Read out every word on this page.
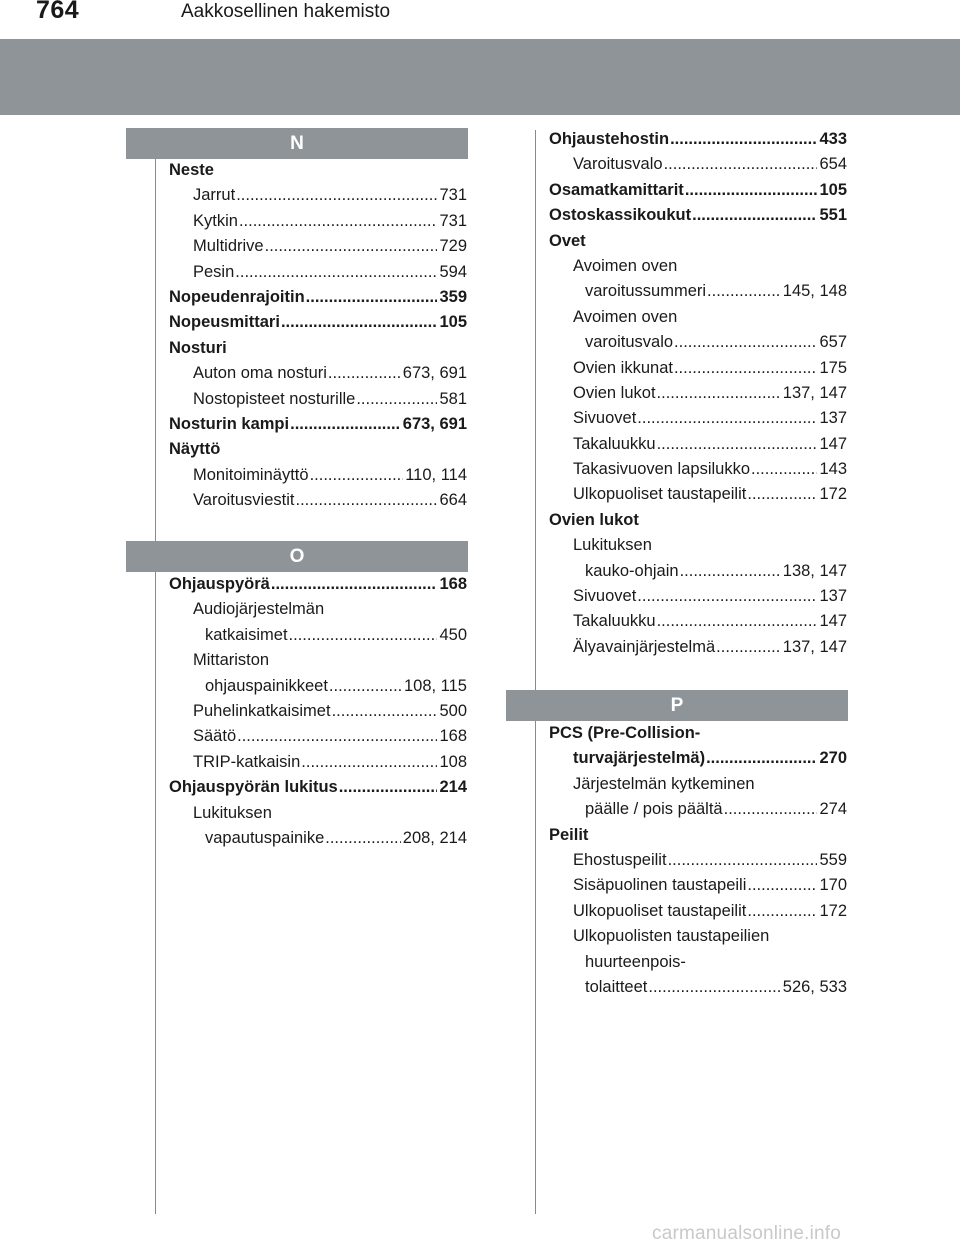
764	Aakkosellinen hakemisto
N
Neste
Jarrut .....	731
Kytkin .....	731
Multidrive .....	729
Pesin .....	594
Nopeudenrajoitin .....	359
Nopeusmittari .....	105
Nosturi
Auton oma nosturi .....	673, 691
Nostopisteet nosturille .....	581
Nosturin kampi .....	673, 691
Näyttö
Monitoiminäyttö .....	110, 114
Varoitusviestit .....	664
O
Ohjauspyörä .....	168
Audiojärjestelmän
katkaisimet .....	450
Mittariston
ohjauspainikkeet .....	108, 115
Puhelinkatkaisimet .....	500
Säätö .....	168
TRIP-katkaisin .....	108
Ohjauspyörän lukitus .....	214
Lukituksen
vapautuspainike .....	208, 214
Ohjaustehostin .....	433
Varoitusvalo .....	654
Osamatkamittarit .....	105
Ostoskassikoukut .....	551
Ovet
Avoimen oven
varoitussummeri .....	145, 148
Avoimen oven
varoitusvalo .....	657
Ovien ikkunat .....	175
Ovien lukot .....	137, 147
Sivuovet .....	137
Takaluukku .....	147
Takasivuoven lapsilukko .....	143
Ulkopuoliset taustapeilit .....	172
Ovien lukot
Lukituksen
kauko-ohjain .....	138, 147
Sivuovet .....	137
Takaluukku .....	147
Älyavainjärjestelmä .....	137, 147
P
PCS (Pre-Collision-
turvajärjestelmä) .....	270
Järjestelmän kytkeminen
päälle / pois päältä .....	274
Peilit
Ehostuspeilit .....	559
Sisäpuolinen taustapeili .....	170
Ulkopuoliset taustapeilit .....	172
Ulkopuolisten taustapeilien
huurteenpois-
tolaitteet .....	526, 533
carmanualsonline.info
